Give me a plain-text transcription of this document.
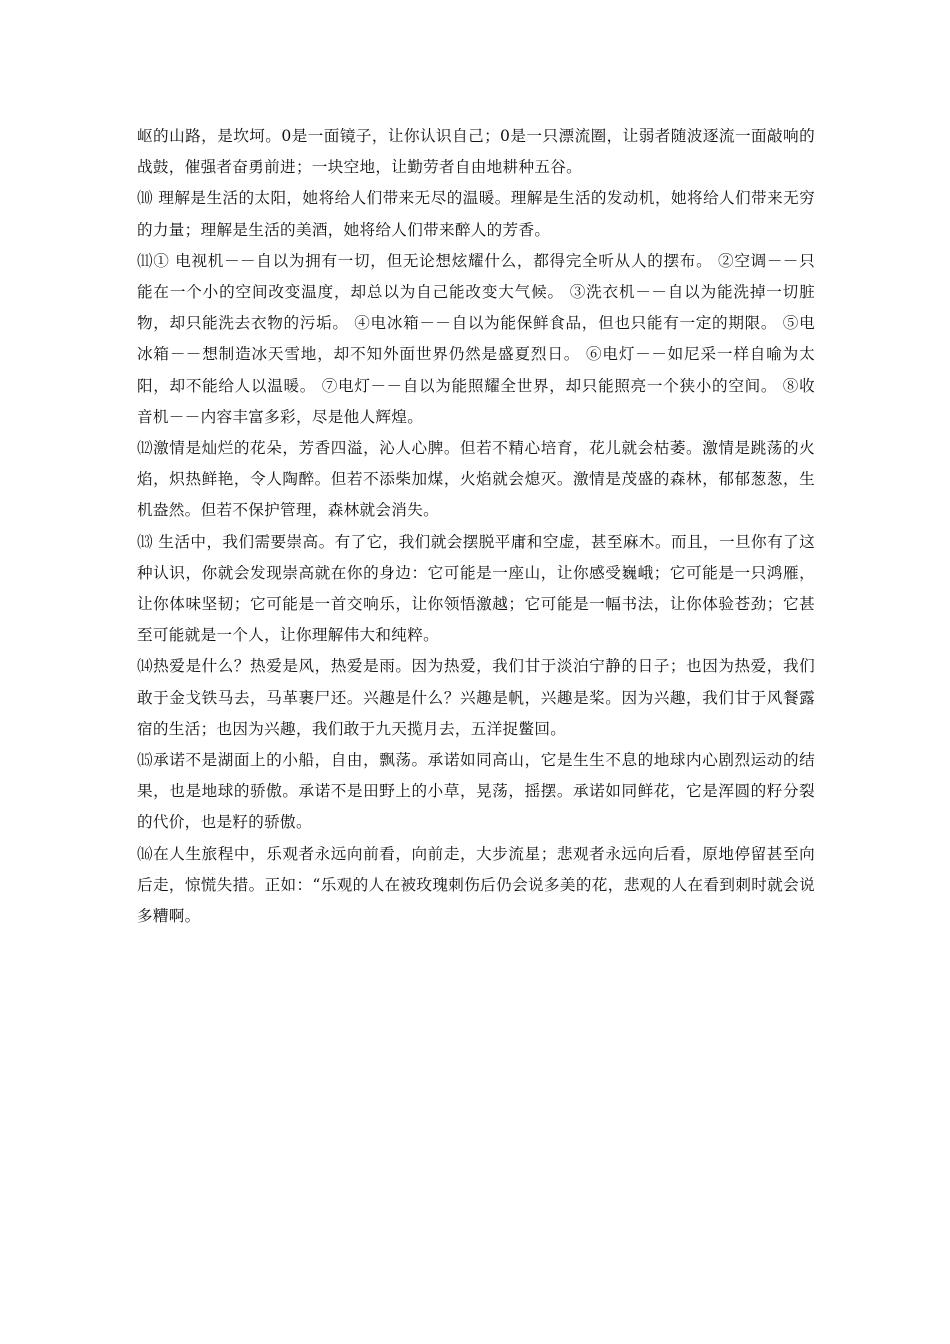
岖的山路，是坎坷。0是一面镜子，让你认识自己；0是一只漂流圈，让弱者随波逐流一面敲响的战鼓，催强者奋勇前进；一块空地，让勤劳者自由地耕种五谷。

⑽ 理解是生活的太阳，她将给人们带来无尽的温暖。理解是生活的发动机，她将给人们带来无穷的力量；理解是生活的美酒，她将给人们带来醉人的芳香。

⑾① 电视机－－自以为拥有一切，但无论想炫耀什么，都得完全听从人的摆布。 ②空调－－只能在一个小的空间改变温度，却总以为自己能改变大气候。 ③洗衣机－－自以为能洗掉一切脏物，却只能洗去衣物的污垢。 ④电冰箱－－自以为能保鲜食品，但也只能有一定的期限。 ⑤电冰箱－－想制造冰天雪地，却不知外面世界仍然是盛夏烈日。 ⑥电灯－－如尼采一样自喻为太阳，却不能给人以温暖。 ⑦电灯－－自以为能照耀全世界，却只能照亮一个狭小的空间。 ⑧收音机－－内容丰富多彩，尽是他人辉煌。

⑿激情是灿烂的花朵，芳香四溢，沁人心脾。但若不精心培育，花儿就会枯萎。激情是跳荡的火焰，炽热鲜艳，令人陶醉。但若不添柴加煤，火焰就会熄灭。激情是茂盛的森林，郁郁葱葱，生机盎然。但若不保护管理，森林就会消失。

⒀ 生活中，我们需要崇高。有了它，我们就会摆脱平庸和空虚，甚至麻木。而且，一旦你有了这种认识，你就会发现崇高就在你的身边：它可能是一座山，让你感受巍峨；它可能是一只鸿雁，让你体味坚韧；它可能是一首交响乐，让你领悟激越；它可能是一幅书法，让你体验苍劲；它甚至可能就是一个人，让你理解伟大和纯粹。

⒁热爱是什么？热爱是风，热爱是雨。因为热爱，我们甘于淡泊宁静的日子；也因为热爱，我们敢于金戈铁马去，马革裹尸还。兴趣是什么？兴趣是帆，兴趣是桨。因为兴趣，我们甘于风餐露宿的生活；也因为兴趣，我们敢于九天揽月去，五洋捉鳖回。

⒂承诺不是湖面上的小船，自由，飘荡。承诺如同高山，它是生生不息的地球内心剧烈运动的结果，也是地球的骄傲。承诺不是田野上的小草，晃荡，摇摆。承诺如同鲜花，它是浑圆的籽分裂的代价，也是籽的骄傲。

⒃在人生旅程中，乐观者永远向前看，向前走，大步流星；悲观者永远向后看，原地停留甚至向后走，惊慌失措。正如：“乐观的人在被玫瑰刺伤后仍会说多美的花，悲观的人在看到刺时就会说多糟啊。
